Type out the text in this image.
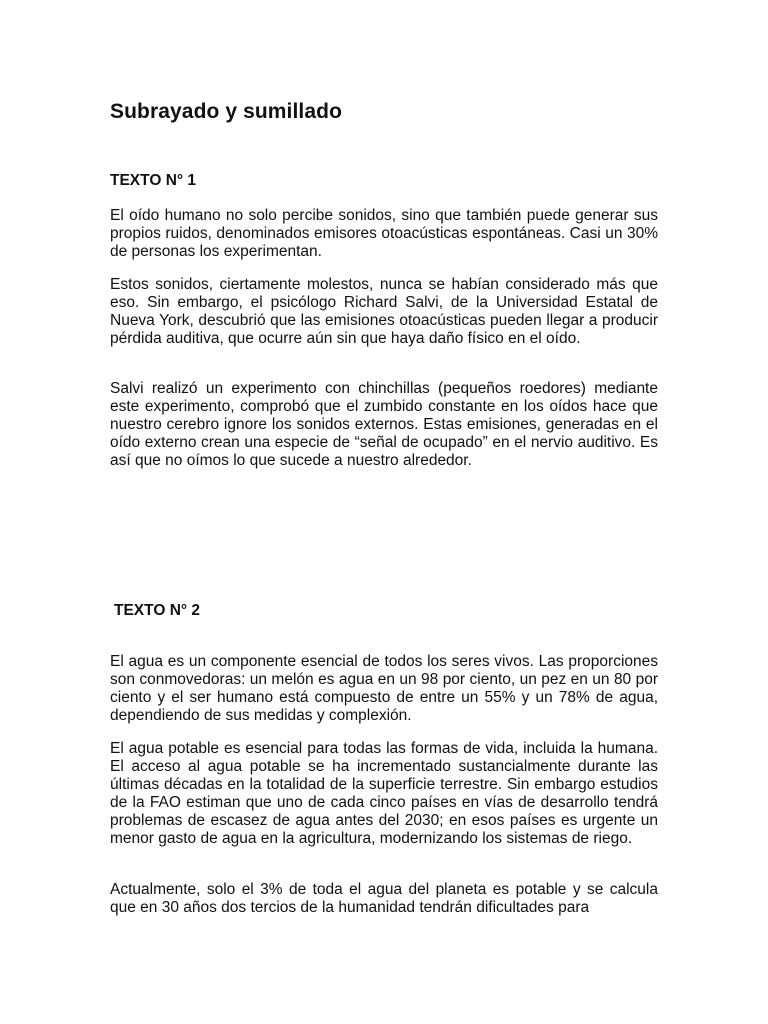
Subrayado y sumillado
TEXTO N° 1

El oído humano no solo percibe sonidos, sino que también puede generar sus propios ruidos, denominados emisores otoacústicas espontáneas. Casi un 30% de personas los experimentan.

Estos sonidos, ciertamente molestos, nunca se habían considerado más que eso. Sin embargo, el psicólogo Richard Salvi, de la Universidad Estatal de Nueva York, descubrió que las emisiones otoacústicas pueden llegar a producir pérdida auditiva, que ocurre aún sin que haya daño físico en el oído.

Salvi realizó un experimento con chinchillas (pequeños roedores) mediante este experimento, comprobó que el zumbido constante en los oídos hace que nuestro cerebro ignore los sonidos externos. Estas emisiones, generadas en el oído externo crean una especie de “señal de ocupado” en el nervio auditivo. Es así que no oímos lo que sucede a nuestro alrededor.

TEXTO N° 2

El agua es un componente esencial de todos los seres vivos. Las proporciones son conmovedoras: un melón es agua en un 98 por ciento, un pez en un 80 por ciento y el ser humano está compuesto de entre un 55% y un 78% de agua, dependiendo de sus medidas y complexión.

El agua potable es esencial para todas las formas de vida, incluida la humana. El acceso al agua potable se ha incrementado sustancialmente durante las últimas décadas en la totalidad de la superficie terrestre. Sin embargo estudios de la FAO estiman que uno de cada cinco países en vías de desarrollo tendrá problemas de escasez de agua antes del 2030; en esos países es urgente un menor gasto de agua en la agricultura, modernizando los sistemas de riego.

Actualmente, solo el 3% de toda el agua del planeta es potable y se calcula que en 30 años dos tercios de la humanidad tendrán dificultades para
